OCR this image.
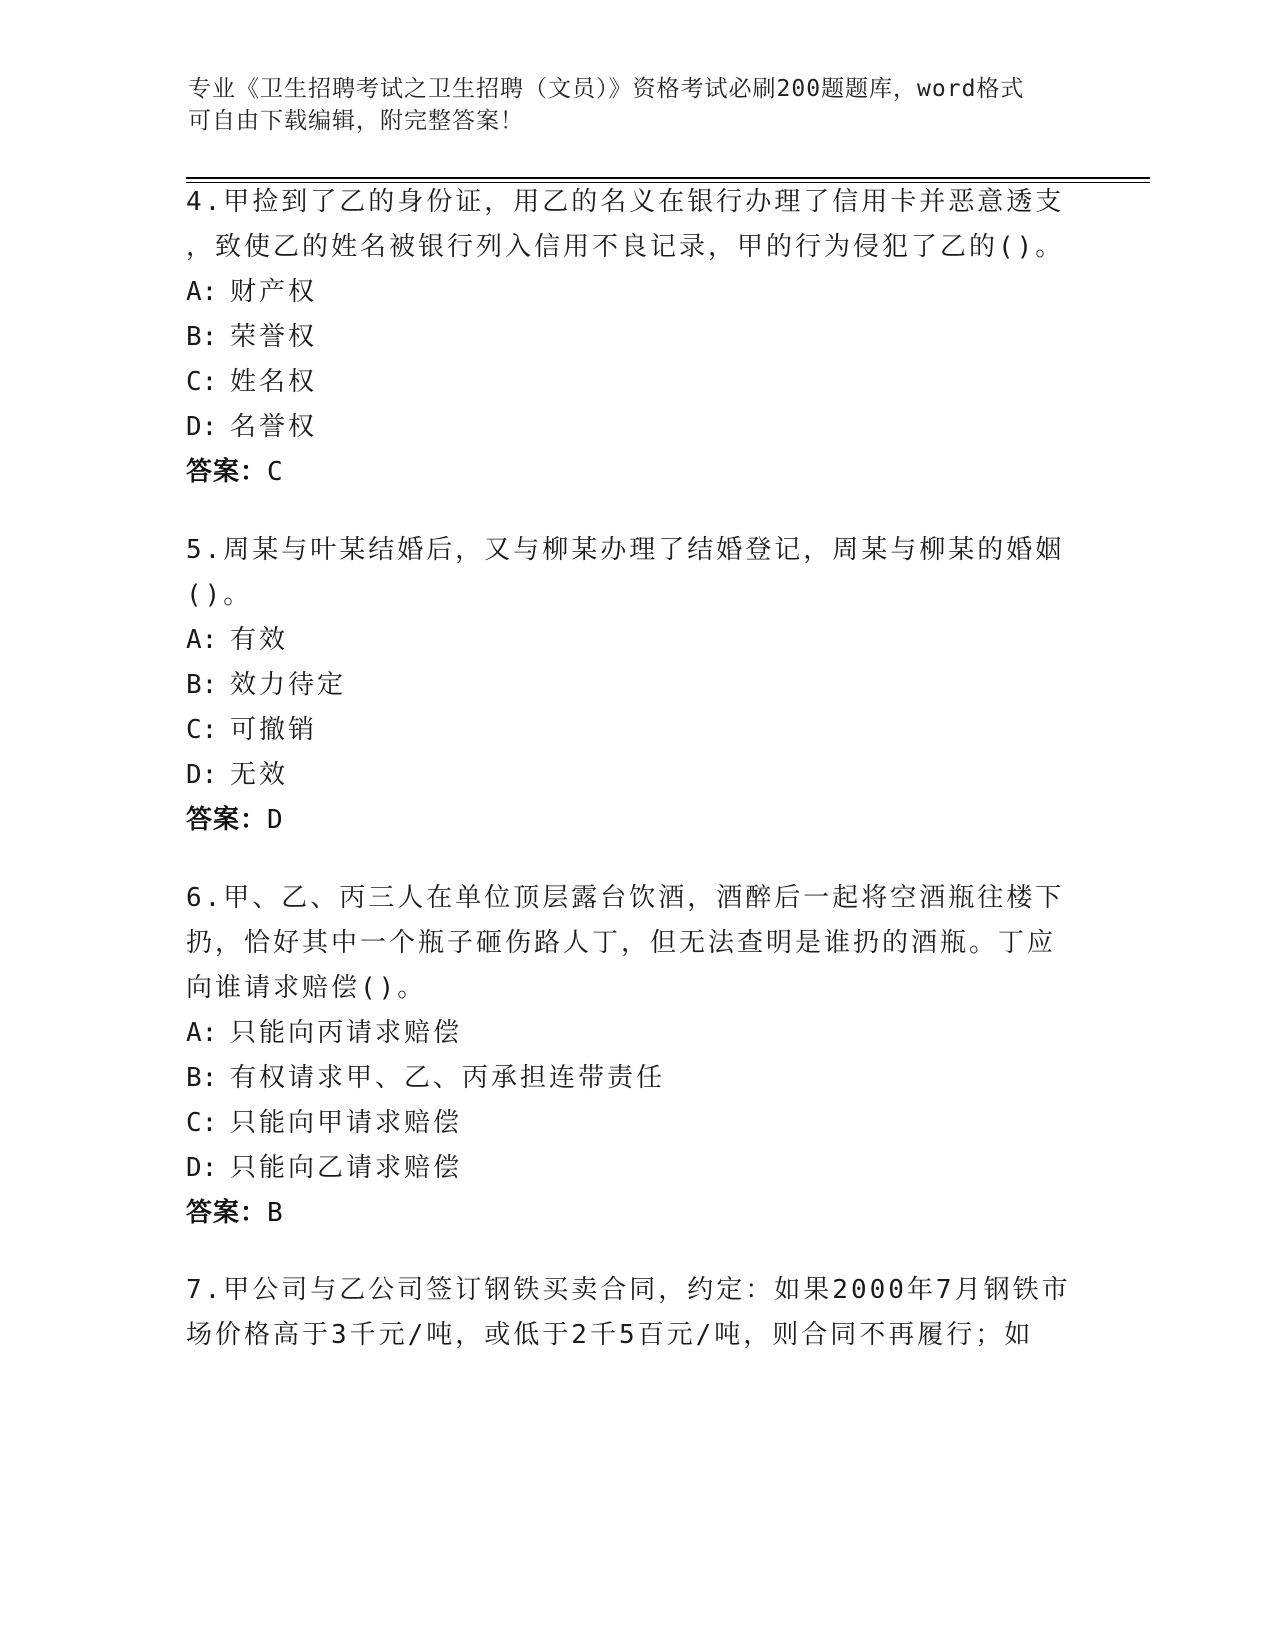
专业《卫生招聘考试之卫生招聘（文员）》资格考试必刷200题题库，word格式
可自由下载编辑，附完整答案！
4.甲捡到了乙的身份证，用乙的名义在银行办理了信用卡并恶意透支
，致使乙的姓名被银行列入信用不良记录，甲的行为侵犯了乙的()。
A: 财产权
B: 荣誉权
C: 姓名权
D: 名誉权
答案：C
5.周某与叶某结婚后，又与柳某办理了结婚登记，周某与柳某的婚姻
()。
A: 有效
B: 效力待定
C: 可撤销
D: 无效
答案：D
6.甲、乙、丙三人在单位顶层露台饮酒，酒醉后一起将空酒瓶往楼下
扔，恰好其中一个瓶子砸伤路人丁，但无法查明是谁扔的酒瓶。丁应
向谁请求赔偿()。
A: 只能向丙请求赔偿
B: 有权请求甲、乙、丙承担连带责任
C: 只能向甲请求赔偿
D: 只能向乙请求赔偿
答案：B
7.甲公司与乙公司签订钢铁买卖合同，约定：如果2000年7月钢铁市
场价格高于3千元/吨，或低于2千5百元/吨，则合同不再履行；如
